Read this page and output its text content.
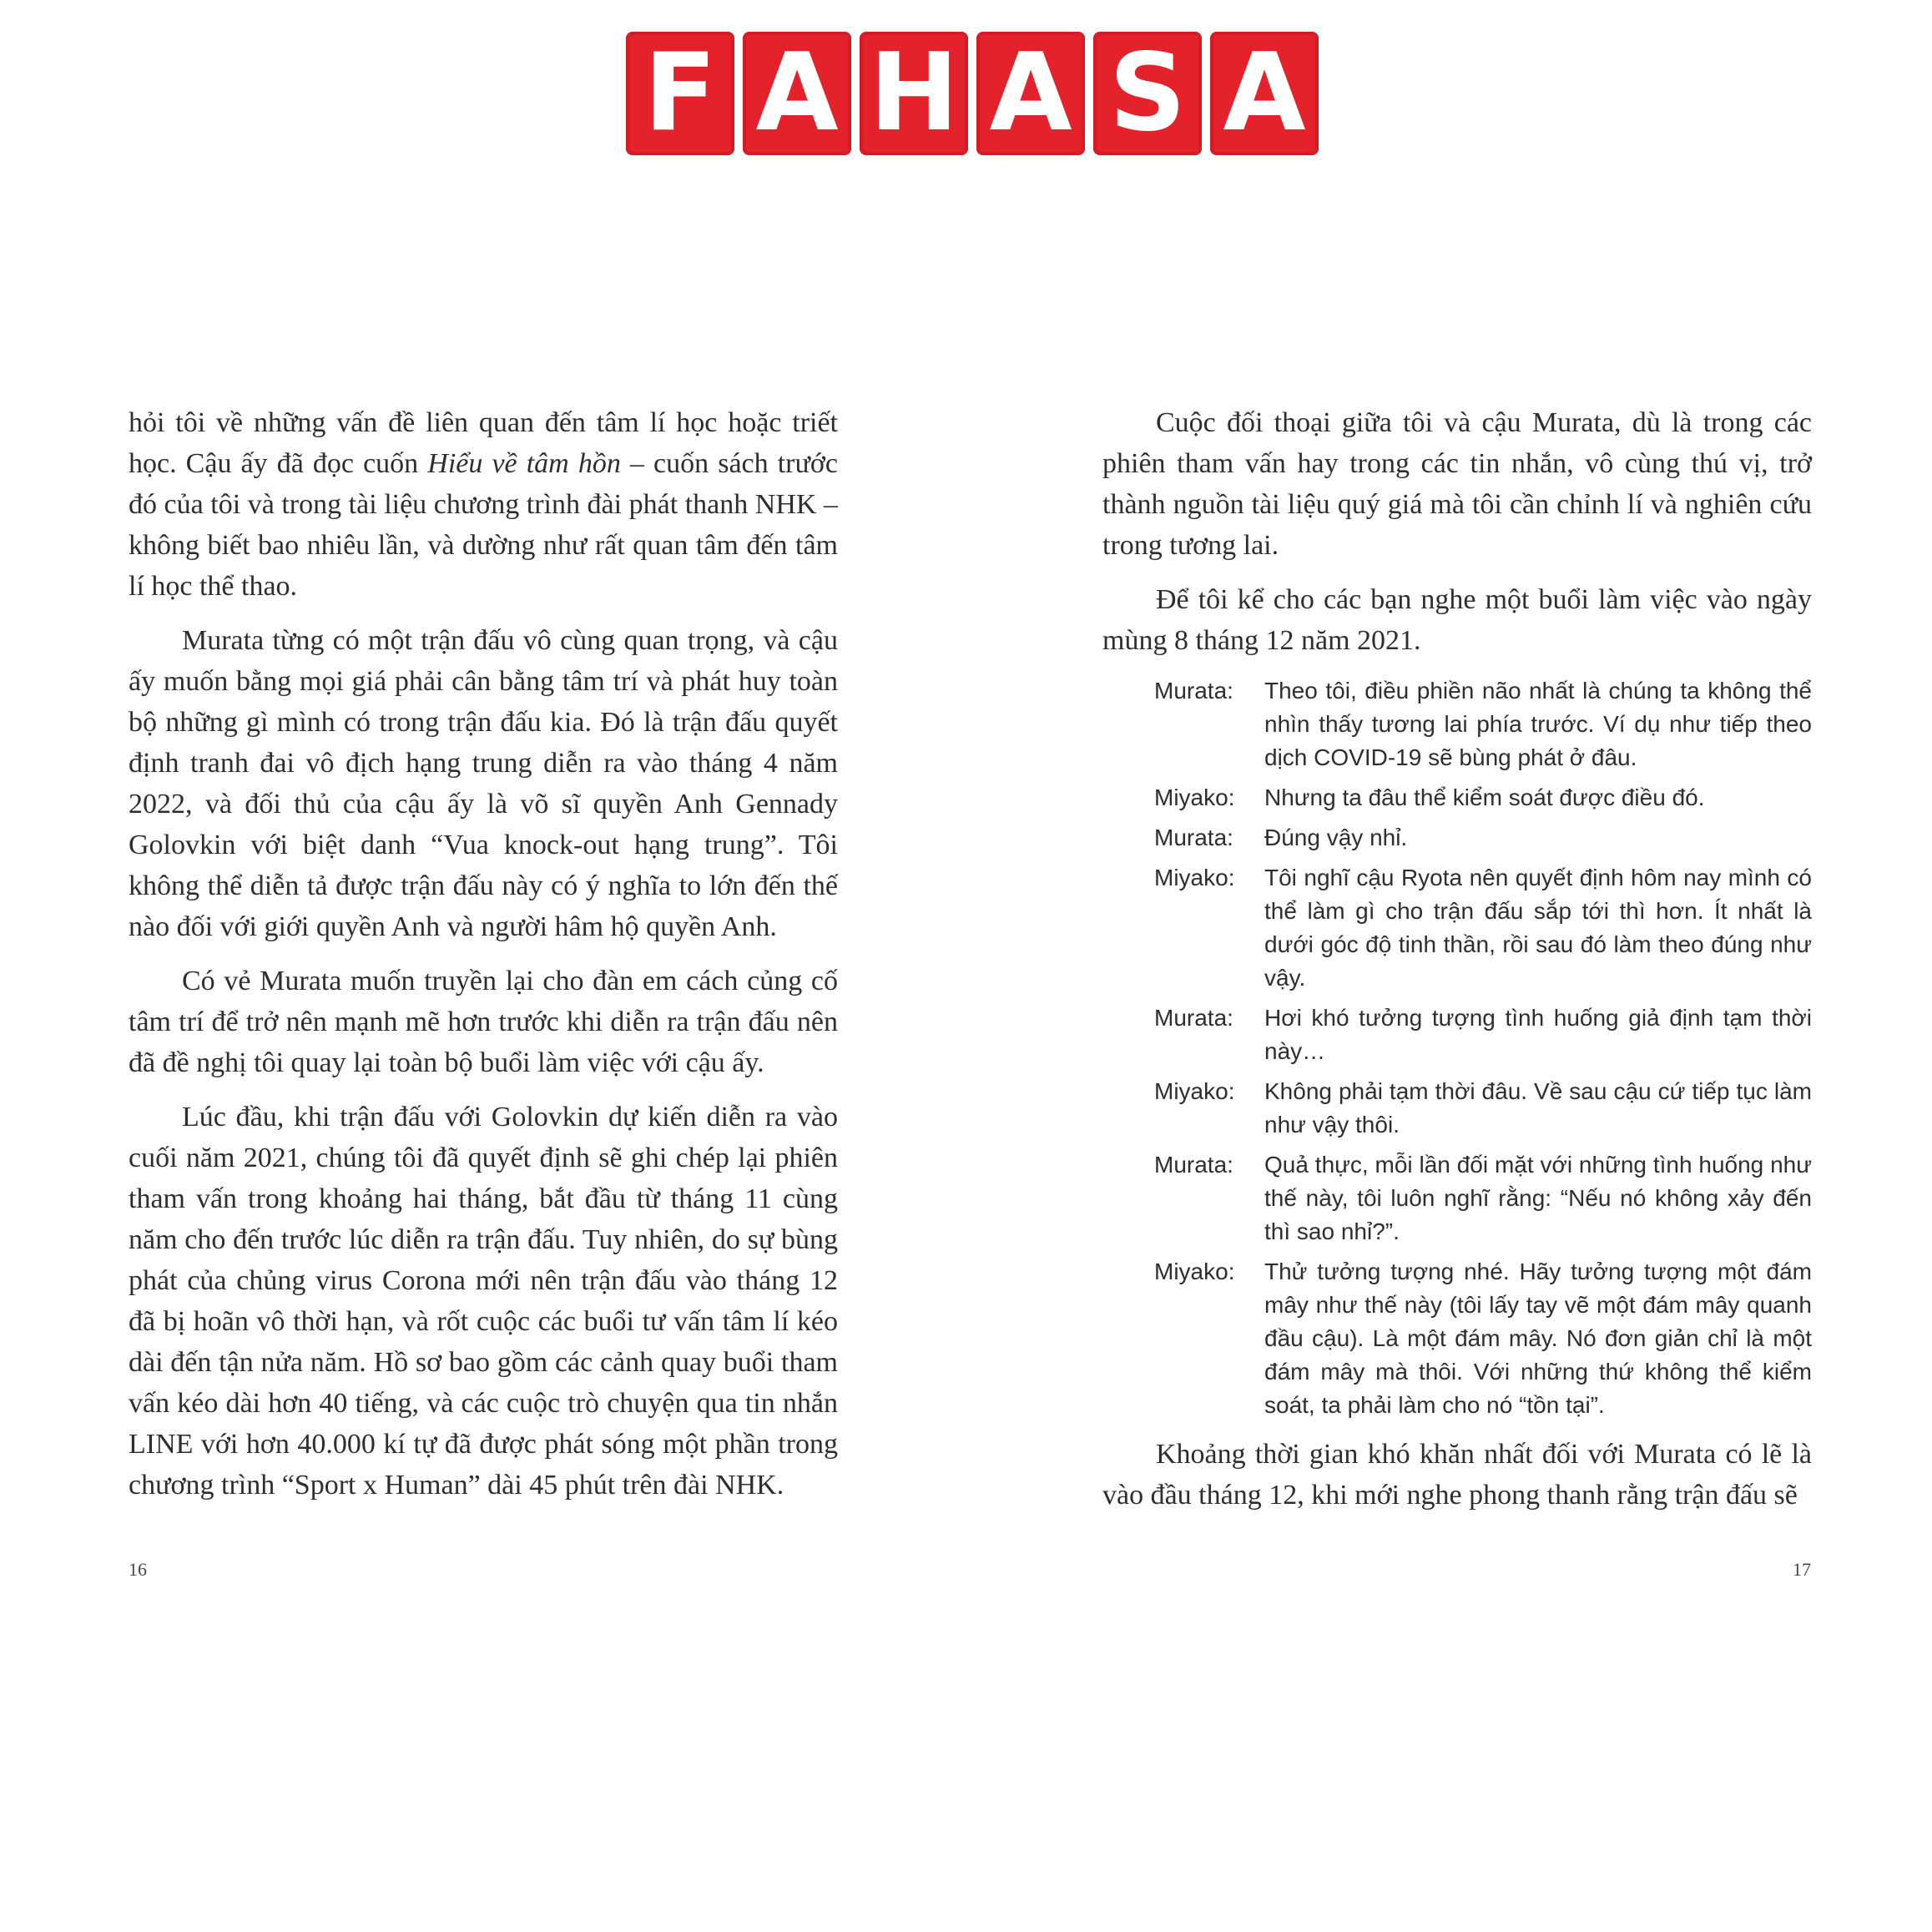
F A H A S A

hỏi tôi về những vấn đề liên quan đến tâm lí học hoặc triết học. Cậu ấy đã đọc cuốn Hiểu về tâm hồn – cuốn sách trước đó của tôi và trong tài liệu chương trình đài phát thanh NHK – không biết bao nhiêu lần, và dường như rất quan tâm đến tâm lí học thể thao.

Murata từng có một trận đấu vô cùng quan trọng, và cậu ấy muốn bằng mọi giá phải cân bằng tâm trí và phát huy toàn bộ những gì mình có trong trận đấu kia. Đó là trận đấu quyết định tranh đai vô địch hạng trung diễn ra vào tháng 4 năm 2022, và đối thủ của cậu ấy là võ sĩ quyền Anh Gennady Golovkin với biệt danh “Vua knock-out hạng trung”. Tôi không thể diễn tả được trận đấu này có ý nghĩa to lớn đến thế nào đối với giới quyền Anh và người hâm hộ quyền Anh.

Có vẻ Murata muốn truyền lại cho đàn em cách củng cố tâm trí để trở nên mạnh mẽ hơn trước khi diễn ra trận đấu nên đã đề nghị tôi quay lại toàn bộ buổi làm việc với cậu ấy.

Lúc đầu, khi trận đấu với Golovkin dự kiến diễn ra vào cuối năm 2021, chúng tôi đã quyết định sẽ ghi chép lại phiên tham vấn trong khoảng hai tháng, bắt đầu từ tháng 11 cùng năm cho đến trước lúc diễn ra trận đấu. Tuy nhiên, do sự bùng phát của chủng virus Corona mới nên trận đấu vào tháng 12 đã bị hoãn vô thời hạn, và rốt cuộc các buổi tư vấn tâm lí kéo dài đến tận nửa năm. Hồ sơ bao gồm các cảnh quay buổi tham vấn kéo dài hơn 40 tiếng, và các cuộc trò chuyện qua tin nhắn LINE với hơn 40.000 kí tự đã được phát sóng một phần trong chương trình “Sport x Human” dài 45 phút trên đài NHK.

Cuộc đối thoại giữa tôi và cậu Murata, dù là trong các phiên tham vấn hay trong các tin nhắn, vô cùng thú vị, trở thành nguồn tài liệu quý giá mà tôi cần chỉnh lí và nghiên cứu trong tương lai.

Để tôi kể cho các bạn nghe một buổi làm việc vào ngày mùng 8 tháng 12 năm 2021.

Murata:	Theo tôi, điều phiền não nhất là chúng ta không thể nhìn thấy tương lai phía trước. Ví dụ như tiếp theo dịch COVID-19 sẽ bùng phát ở đâu.
Miyako:	Nhưng ta đâu thể kiểm soát được điều đó.
Murata:	Đúng vậy nhỉ.
Miyako:	Tôi nghĩ cậu Ryota nên quyết định hôm nay mình có thể làm gì cho trận đấu sắp tới thì hơn. Ít nhất là dưới góc độ tinh thần, rồi sau đó làm theo đúng như vậy.
Murata:	Hơi khó tưởng tượng tình huống giả định tạm thời này…
Miyako:	Không phải tạm thời đâu. Về sau cậu cứ tiếp tục làm như vậy thôi.
Murata:	Quả thực, mỗi lần đối mặt với những tình huống như thế này, tôi luôn nghĩ rằng: “Nếu nó không xảy đến thì sao nhỉ?”.
Miyako:	Thử tưởng tượng nhé. Hãy tưởng tượng một đám mây như thế này (tôi lấy tay vẽ một đám mây quanh đầu cậu). Là một đám mây. Nó đơn giản chỉ là một đám mây mà thôi. Với những thứ không thể kiểm soát, ta phải làm cho nó “tồn tại”.

Khoảng thời gian khó khăn nhất đối với Murata có lẽ là vào đầu tháng 12, khi mới nghe phong thanh rằng trận đấu sẽ

16	17
